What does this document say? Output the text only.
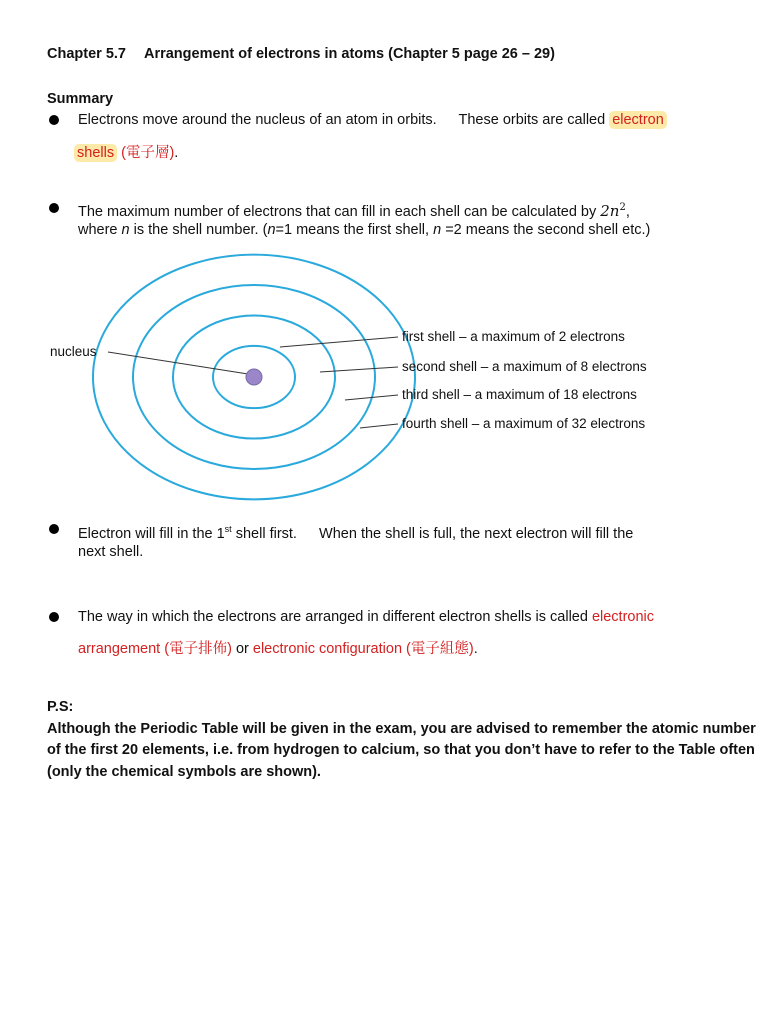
Chapter 5.7 Arrangement of electrons in atoms (Chapter 5 page 26 – 29)
Summary
Electrons move around the nucleus of an atom in orbits. These orbits are called electron
shells (電子層).
The maximum number of electrons that can fill in each shell can be calculated by $2n^2$,
where n is the shell number. (n=1 means the first shell, n =2 means the second shell etc.)
nucleus
first shell – a maximum of 2 electrons
second shell – a maximum of 8 electrons
third shell – a maximum of 18 electrons
fourth shell – a maximum of 32 electrons
Electron will fill in the 1st shell first. When the shell is full, the next electron will fill the
next shell.
The way in which the electrons are arranged in different electron shells is called electronic
arrangement (電子排佈) or electronic configuration (電子組態).
P.S:
Although the Periodic Table will be given in the exam, you are advised to remember the atomic number of the first 20 elements, i.e. from hydrogen to calcium, so that you don’t have to refer to the Table often (only the chemical symbols are shown).
